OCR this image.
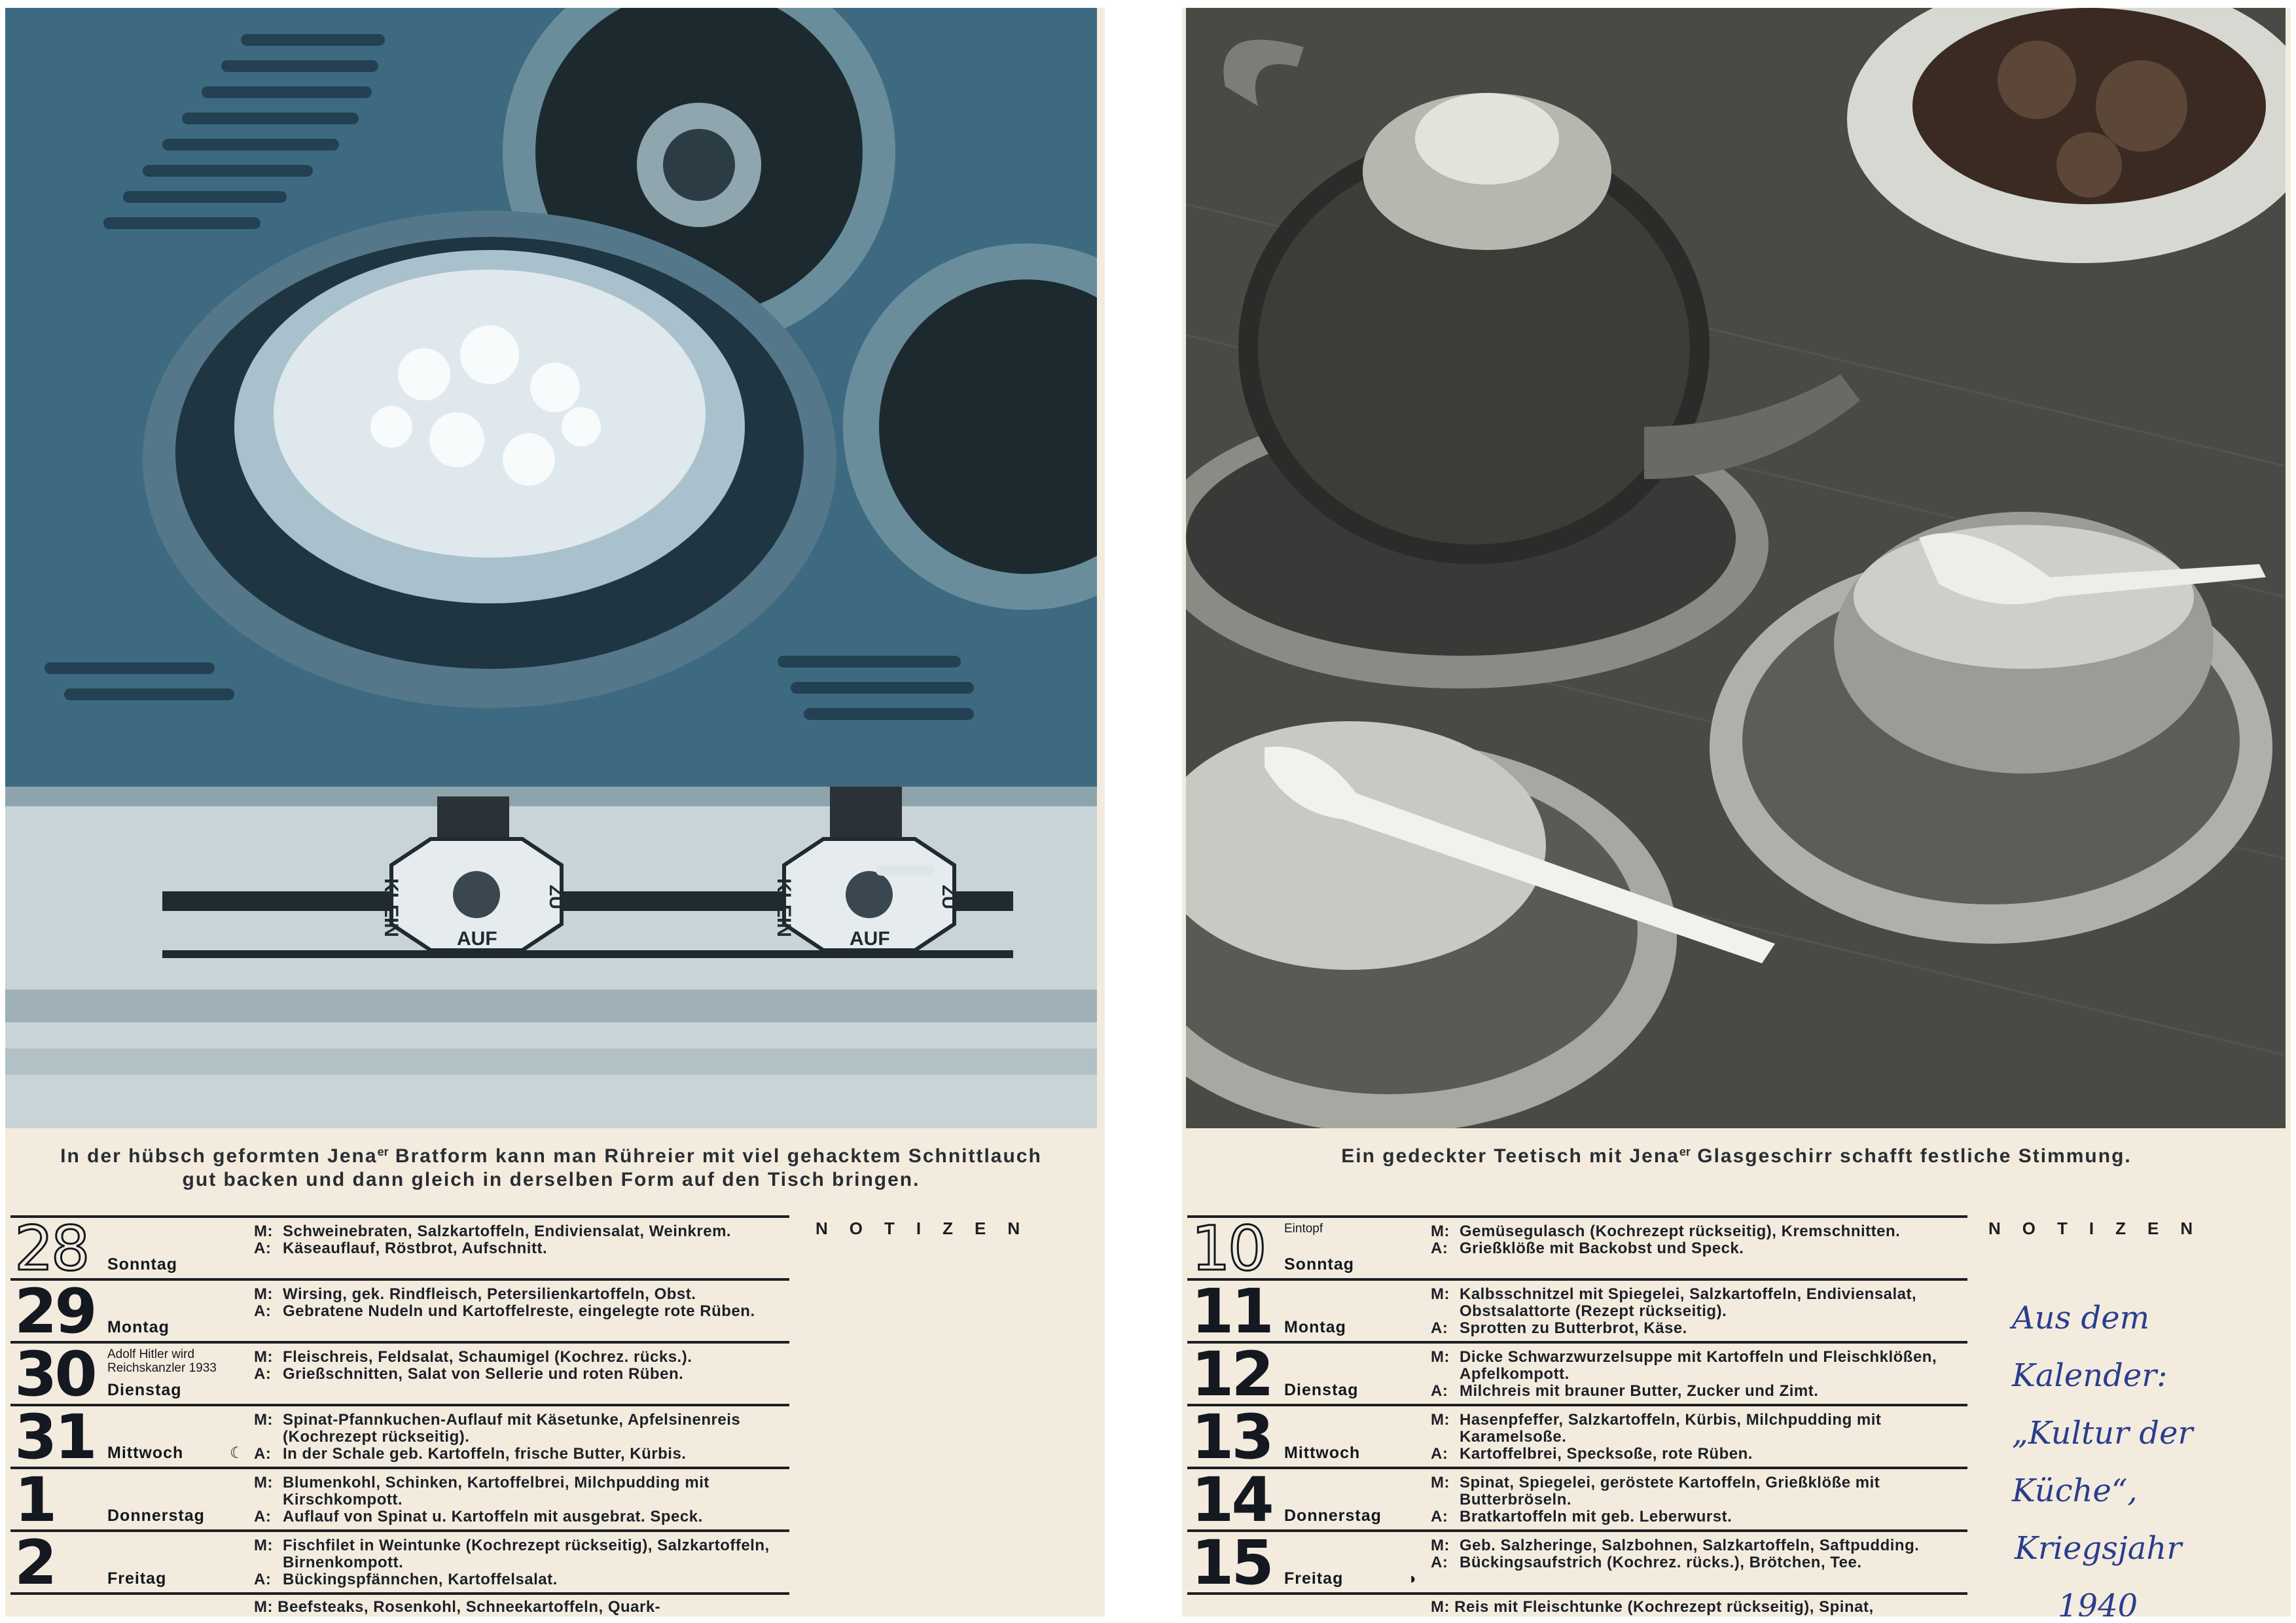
KLEIN	ZU
AUF
KLEIN	ZU
AUF
In der hübsch geformten Jena$^{er}$ Bratform kann man Rühreier mit viel gehacktem Schnittlauch
gut backen und dann gleich in derselben Form auf den Tisch bringen.
NOTIZEN
28 Sonntag
M: Schweinebraten, Salzkartoffeln, Endiviensalat, Weinkrem.
A: Käseauflauf, Röstbrot, Aufschnitt.
29 Montag
M: Wirsing, gek. Rindfleisch, Petersilienkartoffeln, Obst.
A: Gebratene Nudeln und Kartoffelreste, eingelegte rote Rüben.
30 Adolf Hitler wird Reichskanzler 1933
Dienstag
M: Fleischreis, Feldsalat, Schaumigel (Kochrez. rücks.).
A: Grießschnitten, Salat von Sellerie und roten Rüben.
31 Mittwoch	☾
M: Spinat-Pfannkuchen-Auflauf mit Käsetunke, Apfelsinenreis (Kochrezept rückseitig).
A: In der Schale geb. Kartoffeln, frische Butter, Kürbis.
1	Donnerstag
M: Blumenkohl, Schinken, Kartoffelbrei, Milchpudding mit Kirschkompott.
A: Auflauf von Spinat u. Kartoffeln mit ausgebrat. Speck.
2	Freitag
M: Fischfilet in Weintunke (Kochrezept rückseitig), Salzkartoffeln, Birnenkompott.
A: Bückingspfännchen, Kartoffelsalat.
M: Beefsteaks, Rosenkohl, Schneekartoffeln, Quark-
Ein gedeckter Teetisch mit Jena$^{er}$ Glasgeschirr schafft festliche Stimmung.
NOTIZEN
10 Eintopf
Sonntag
M: Gemüsegulasch (Kochrezept rückseitig), Kremschnitten.
A: Grießklöße mit Backobst und Speck.
11 Montag
M: Kalbsschnitzel mit Spiegelei, Salzkartoffeln, Endiviensalat, Obstsalattorte (Rezept rückseitig).
A: Sprotten zu Butterbrot, Käse.
12 Dienstag
M: Dicke Schwarzwurzelsuppe mit Kartoffeln und Fleischklößen, Apfelkompott.
A: Milchreis mit brauner Butter, Zucker und Zimt.
13 Mittwoch
M: Hasenpfeffer, Salzkartoffeln, Kürbis, Milchpudding mit Karamelsoße.
A: Kartoffelbrei, Specksoße, rote Rüben.
14 Donnerstag
M: Spinat, Spiegelei, geröstete Kartoffeln, Grießklöße mit Butterbröseln.
A: Bratkartoffeln mit geb. Leberwurst.
15 Freitag	◑
M: Geb. Salzheringe, Salzbohnen, Salzkartoffeln, Saftpudding.
A: Bückingsaufstrich (Kochrez. rücks.), Brötchen, Tee.
M: Reis mit Fleischtunke (Kochrezept rückseitig), Spinat,
Aus dem
Kalender:
„Kultur der
Küche“,
Kriegsjahr
1940
